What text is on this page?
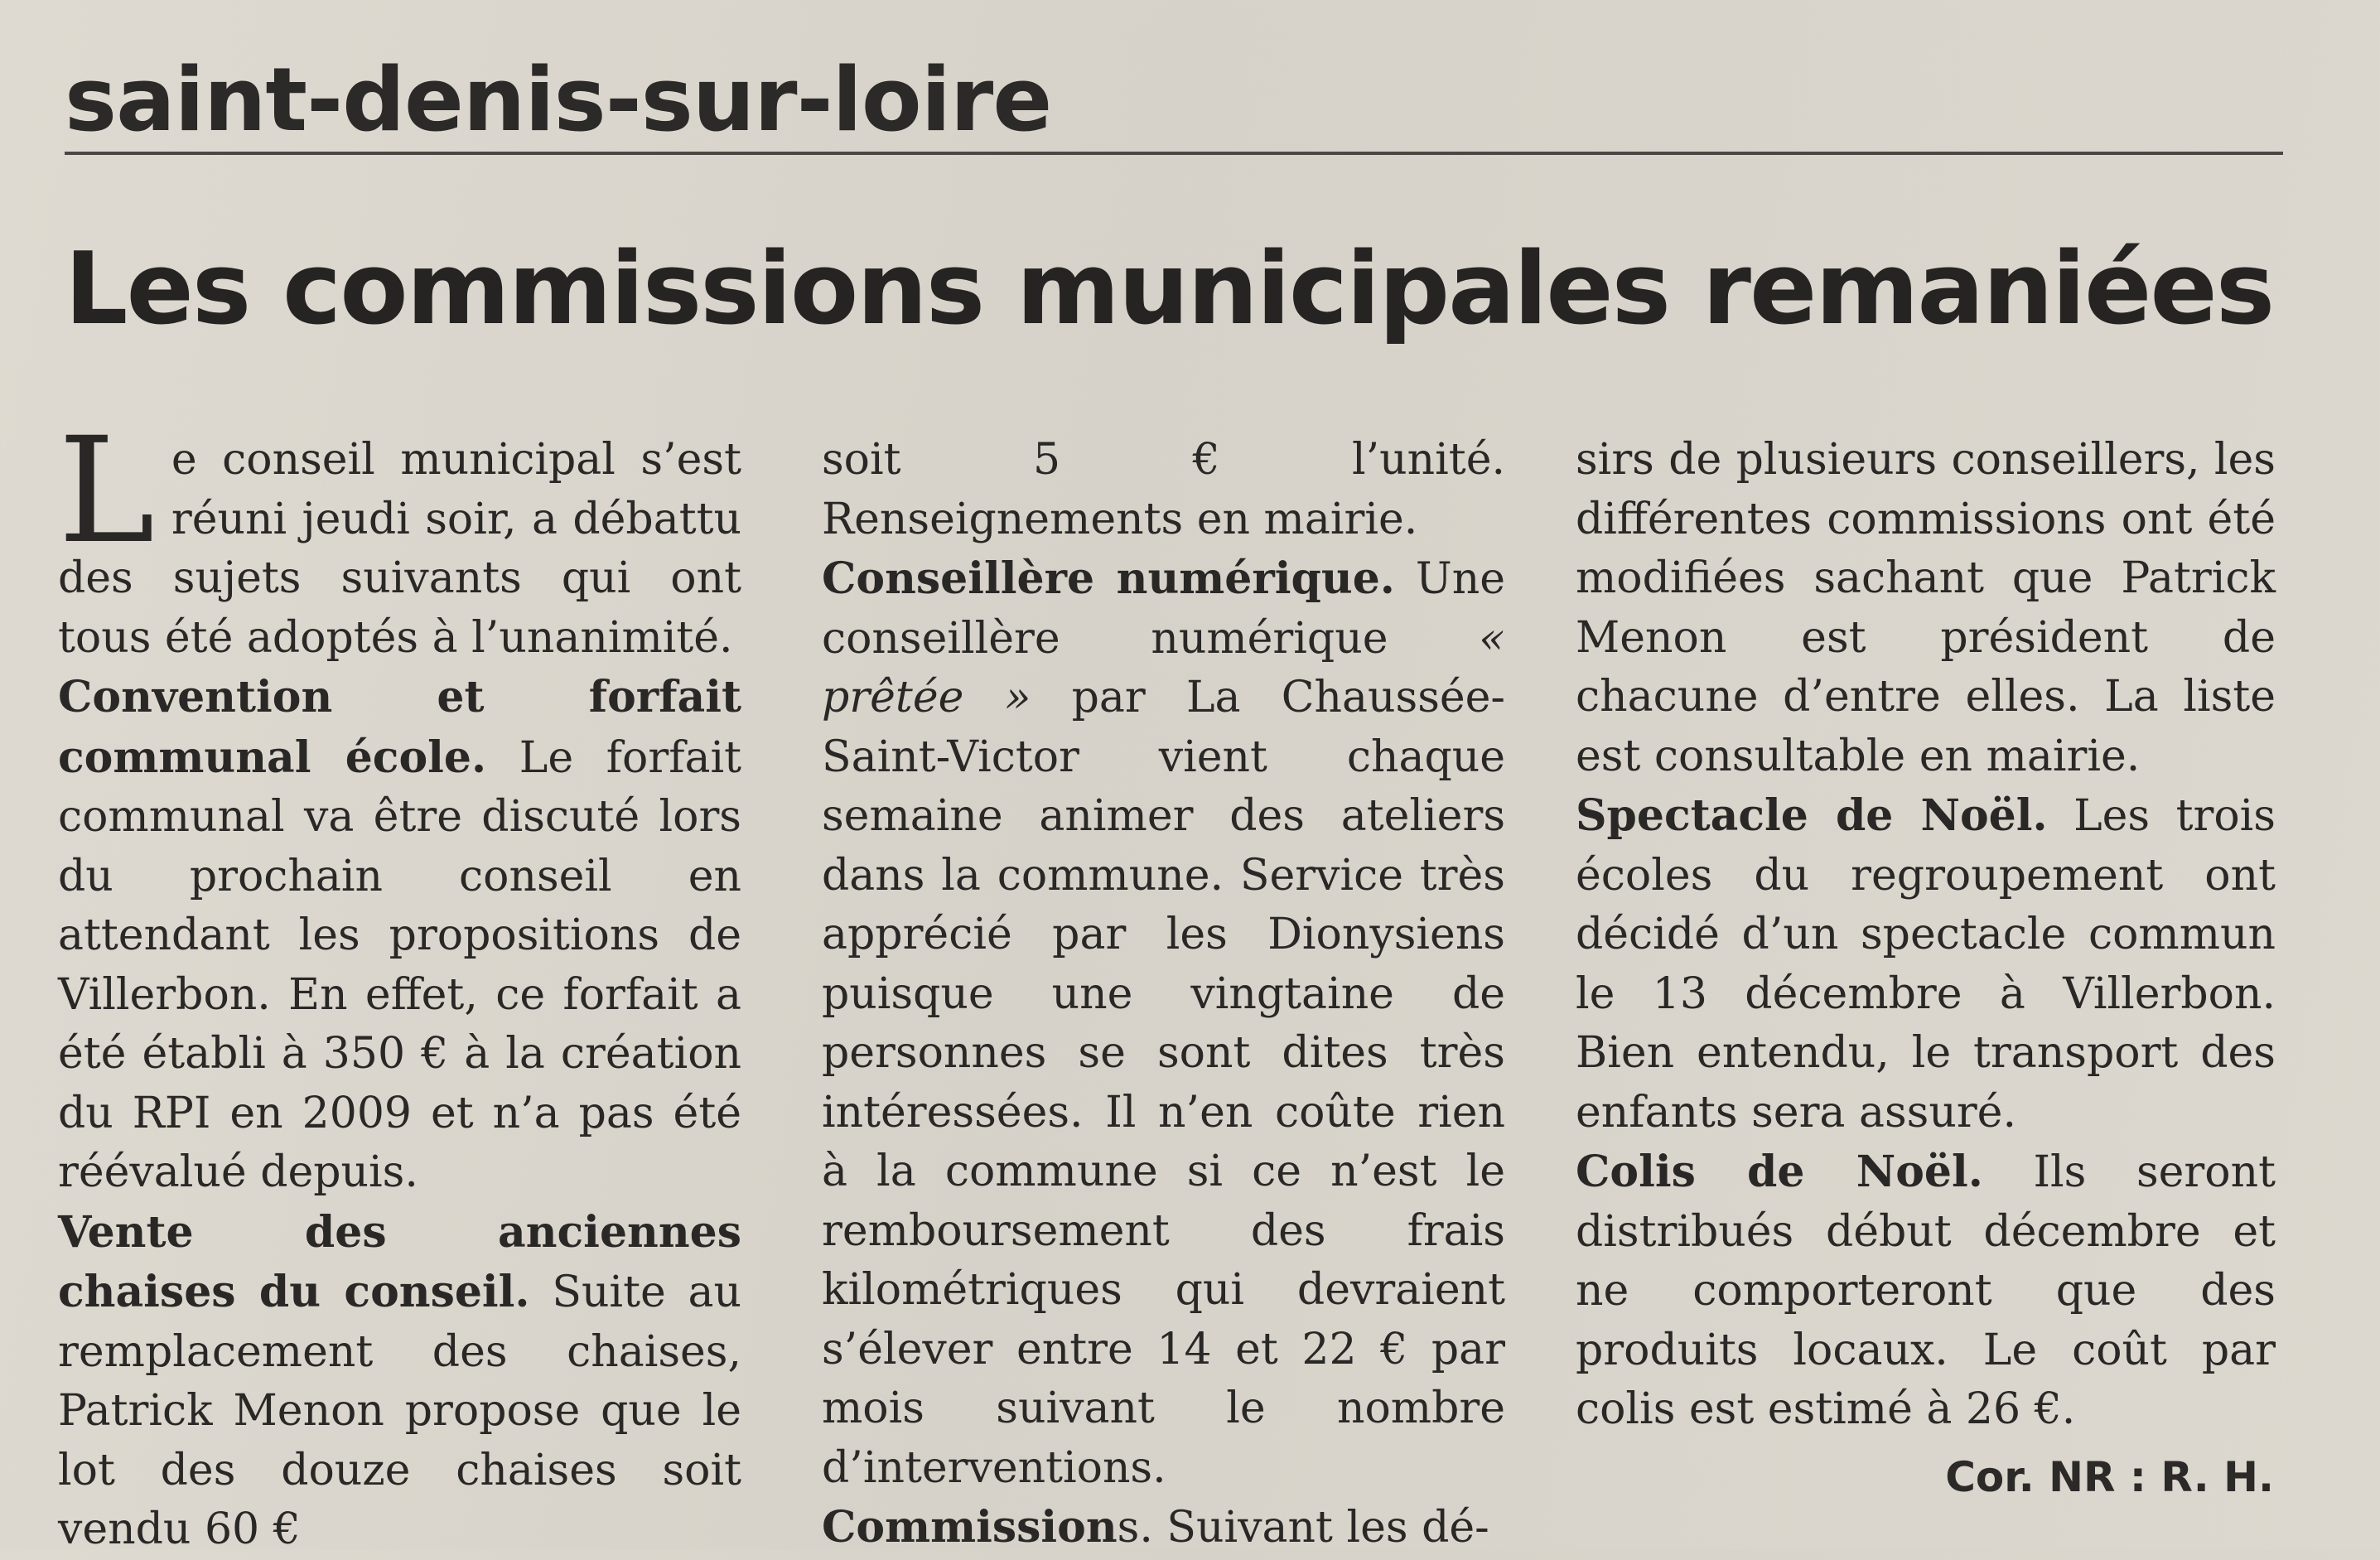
saint-denis-sur-loire
Les commissions municipales remaniées

Le conseil municipal s’est réuni jeudi soir, a débattu des sujets suivants qui ont tous été adoptés à l’unanimité.

Convention et forfait communal école. Le forfait communal va être discuté lors du prochain conseil en attendant les propositions de Villerbon. En effet, ce forfait a été établi à 350 € à la création du RPI en 2009 et n’a pas été réévalué depuis.

Vente des anciennes chaises du conseil. Suite au remplacement des chaises, Patrick Menon propose que le lot des douze chaises soit vendu 60 €

soit 5 € l’unité. Renseignements en mairie.

Conseillère numérique. Une conseillère numérique « prêtée » par La Chaussée-Saint-Victor vient chaque semaine animer des ateliers dans la commune. Service très apprécié par les Dionysiens puisque une vingtaine de personnes se sont dites très intéressées. Il n’en coûte rien à la commune si ce n’est le remboursement des frais kilométriques qui devraient s’élever entre 14 et 22 € par mois suivant le nombre d’interventions.

Commissions. Suivant les dé-

sirs de plusieurs conseillers, les différentes commissions ont été modifiées sachant que Patrick Menon est président de chacune d’entre elles. La liste est consultable en mairie.

Spectacle de Noël. Les trois écoles du regroupement ont décidé d’un spectacle commun le 13 décembre à Villerbon. Bien entendu, le transport des enfants sera assuré.

Colis de Noël. Ils seront distribués début décembre et ne comporteront que des produits locaux. Le coût par colis est estimé à 26 €.

Cor. NR : R. H.
